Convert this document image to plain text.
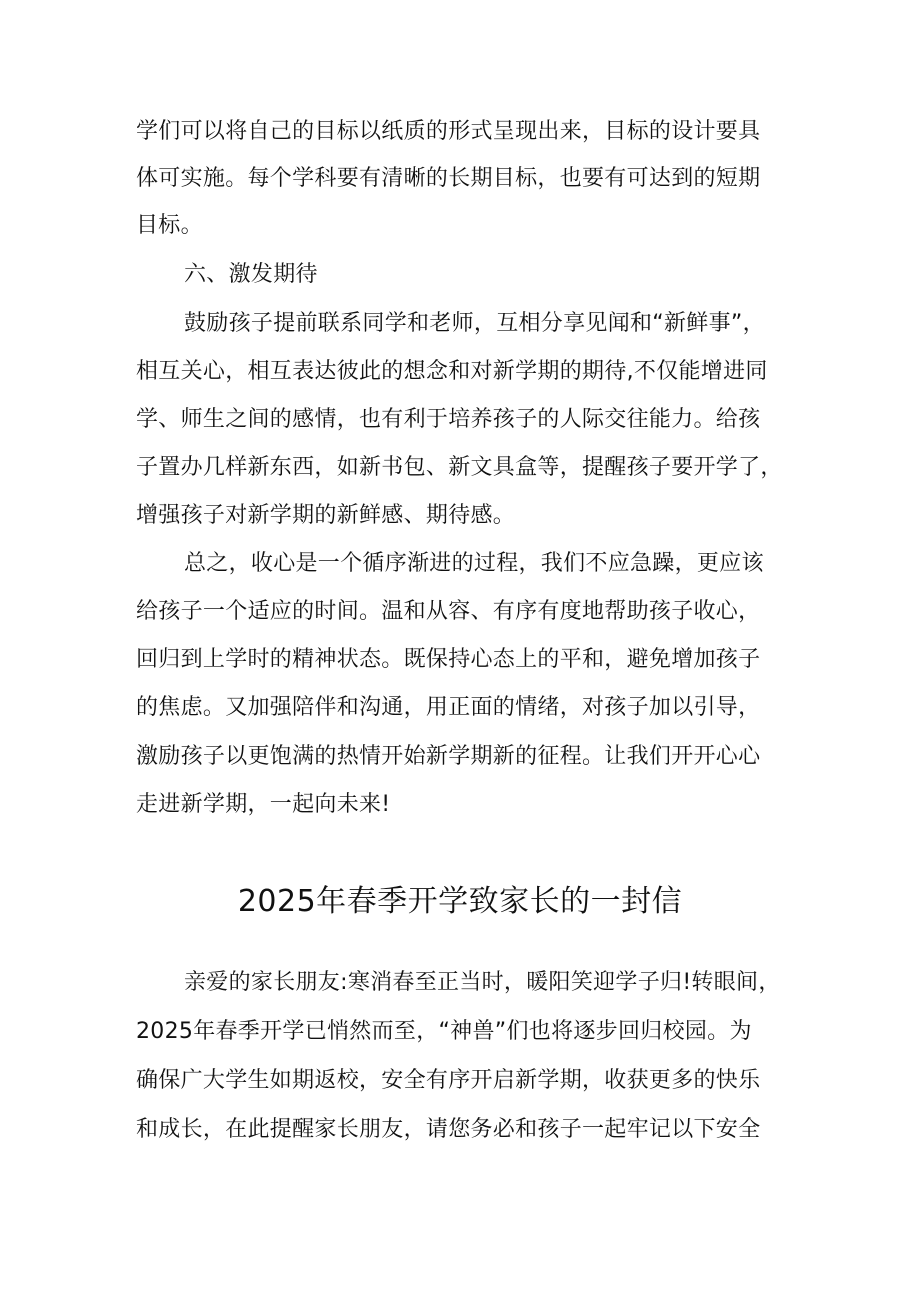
学们可以将自己的目标以纸质的形式呈现出来，目标的设计要具
体可实施。每个学科要有清晰的长期目标，也要有可达到的短期
目标。
六、激发期待
鼓励孩子提前联系同学和老师，互相分享见闻和“新鲜事”，
相互关心，相互表达彼此的想念和对新学期的期待,不仅能增进同
学、师生之间的感情，也有利于培养孩子的人际交往能力。给孩
子置办几样新东西，如新书包、新文具盒等，提醒孩子要开学了，
增强孩子对新学期的新鲜感、期待感。
总之，收心是一个循序渐进的过程，我们不应急躁，更应该
给孩子一个适应的时间。温和从容、有序有度地帮助孩子收心，
回归到上学时的精神状态。既保持心态上的平和，避免增加孩子
的焦虑。又加强陪伴和沟通，用正面的情绪，对孩子加以引导，
激励孩子以更饱满的热情开始新学期新的征程。让我们开开心心
走进新学期，一起向未来!
2025年春季开学致家长的一封信
亲爱的家长朋友:寒消春至正当时，暖阳笑迎学子归!转眼间，
2025年春季开学已悄然而至，“神兽”们也将逐步回归校园。为
确保广大学生如期返校，安全有序开启新学期，收获更多的快乐
和成长，在此提醒家长朋友，请您务必和孩子一起牢记以下安全
